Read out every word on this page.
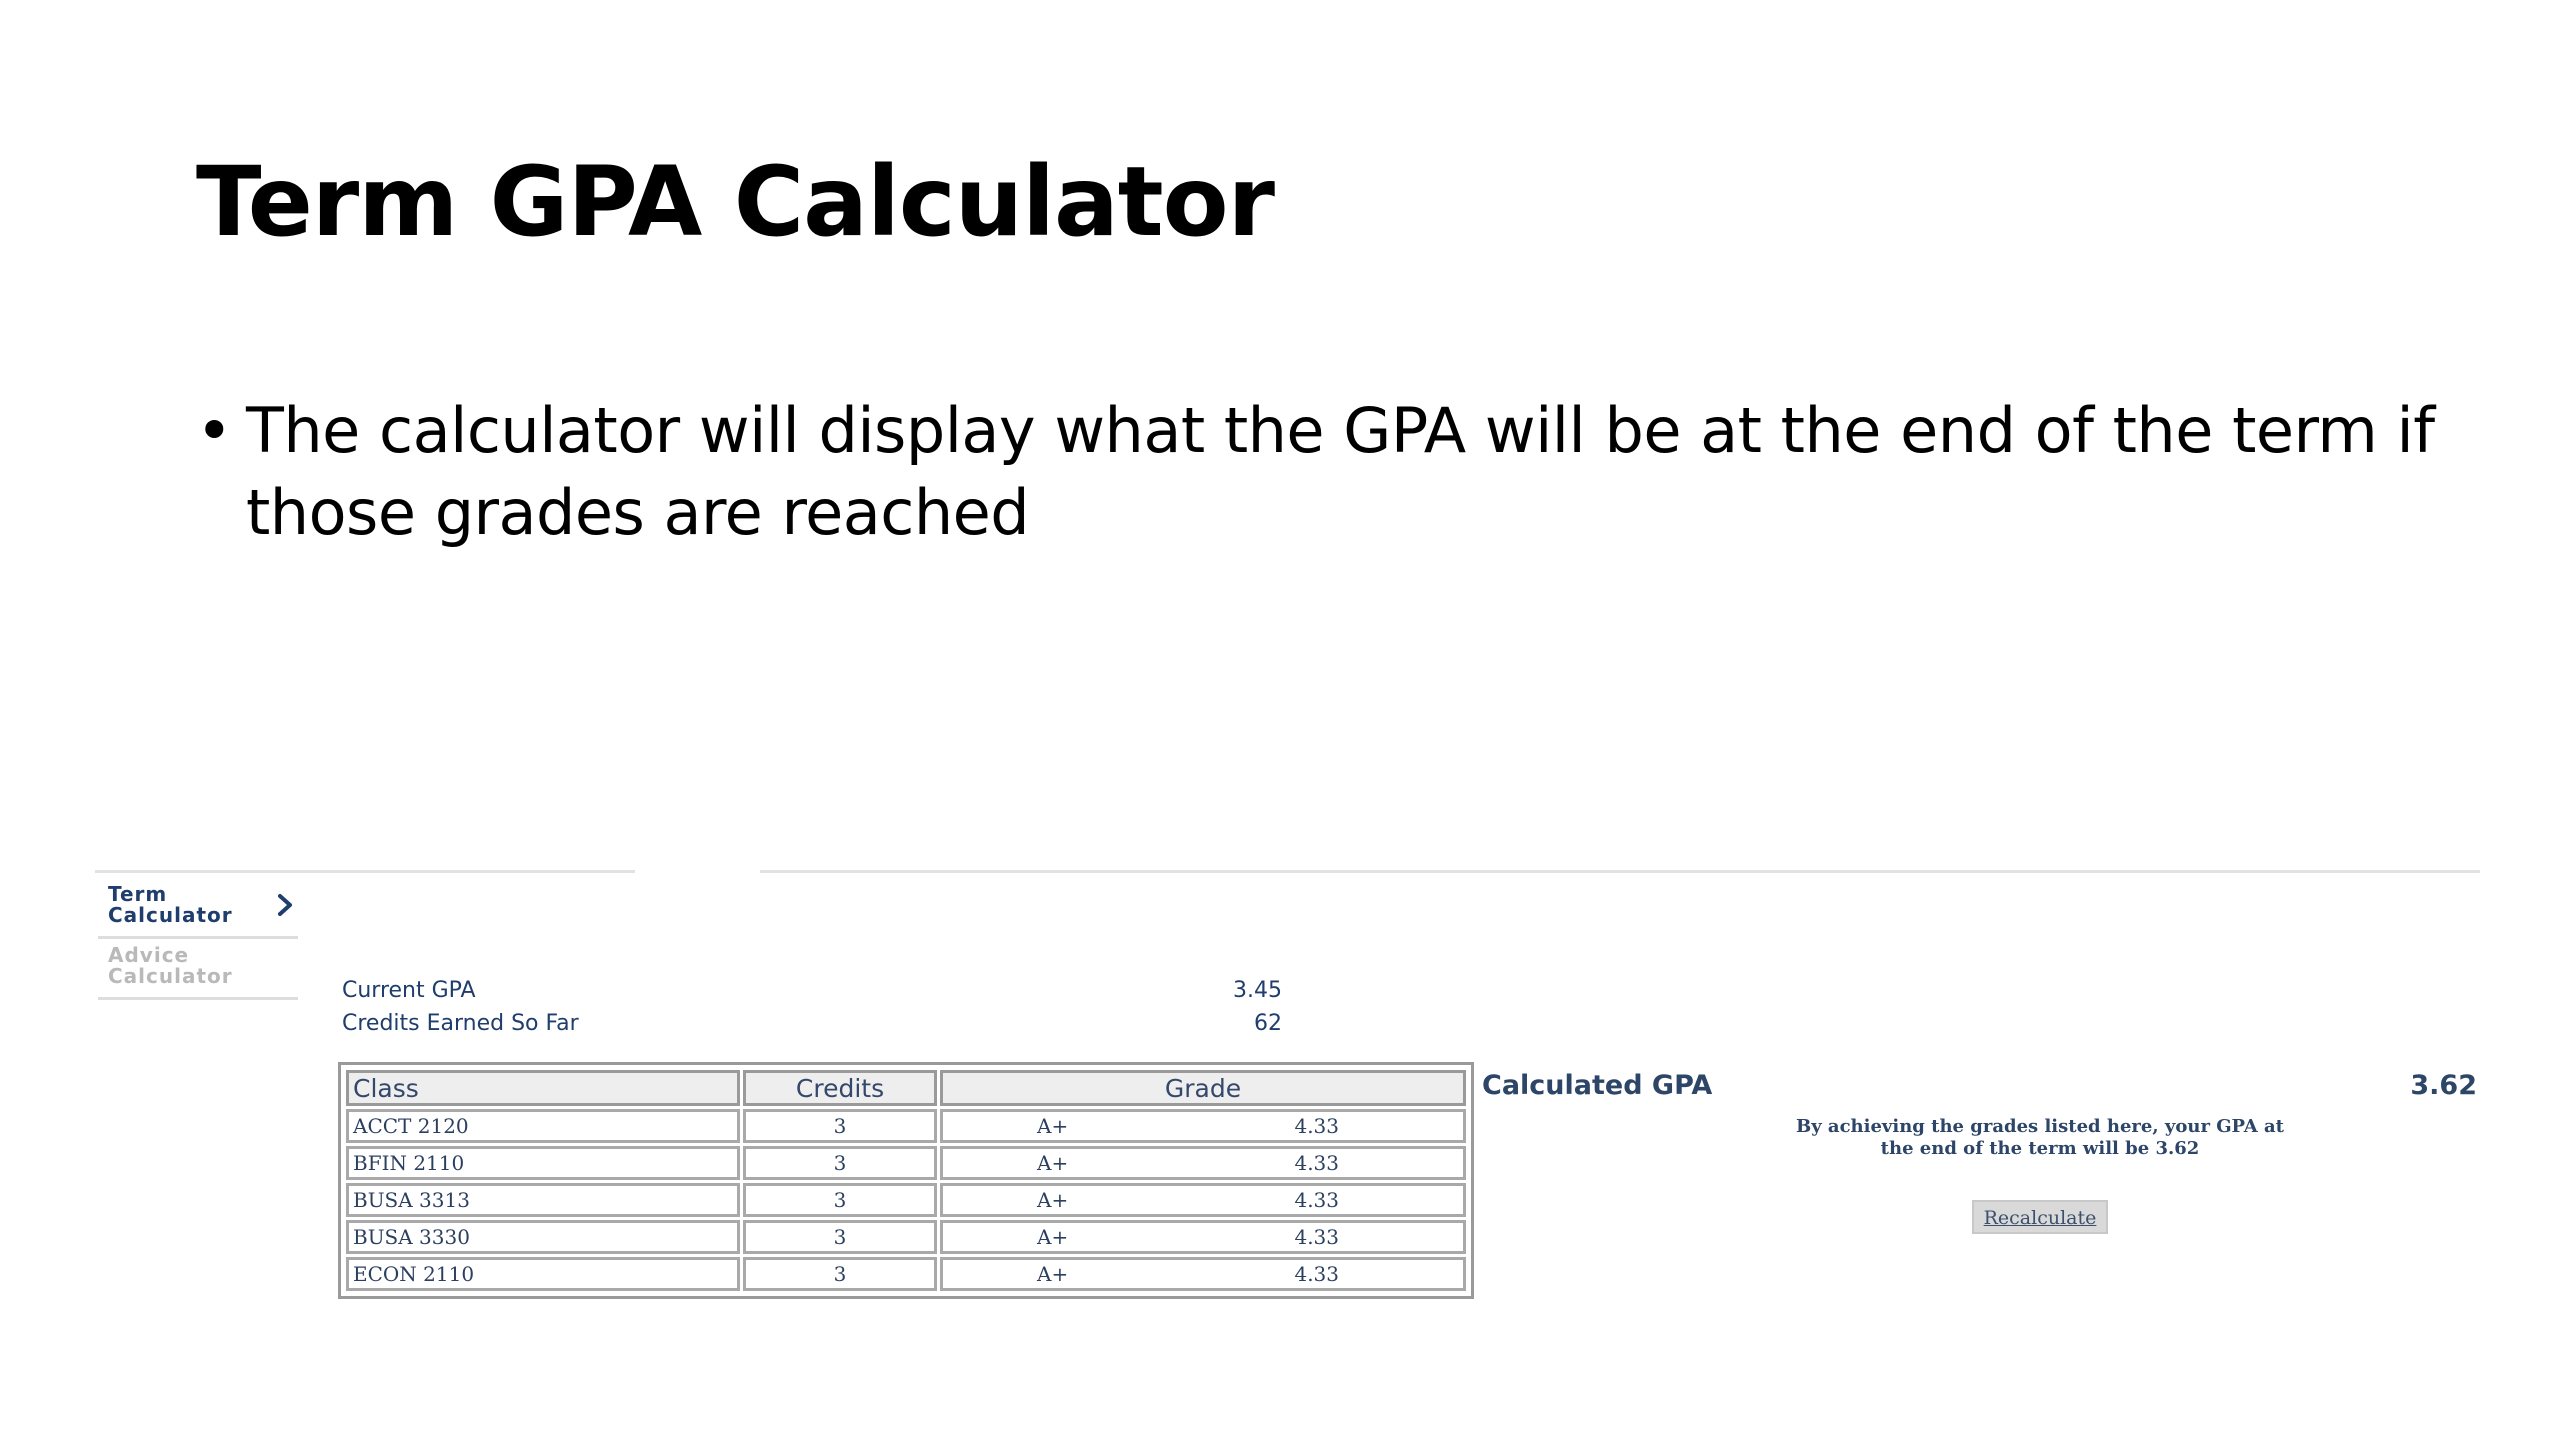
Term GPA Calculator
• The calculator will display what the GPA will be at the end of the term if those grades are reached
Term
Calculator
Advice
Calculator
Current GPA	3.45
Credits Earned So Far	62
Class	Credits	Grade
ACCT 2120	3	A+ 4.33

BFIN 2110	3	A+ 4.33

BUSA 3313	3	A+ 4.33

BUSA 3330	3	A+ 4.33

ECON 2110	3	A+ 4.33
Calculated GPA	3.62
By achieving the grades listed here, your GPA at the end of the term will be 3.62
Recalculate
